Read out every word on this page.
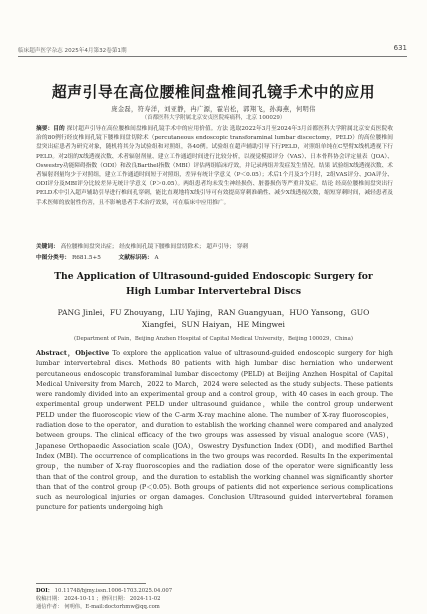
临床超声医学杂志 2025年4月第32卷第1期	631
超声引导在高位腰椎间盘椎间孔镜手术中的应用
庞金磊，符寿洋，刘亚静，冉广源，霍岩松，郭翔飞，孙海燕，何明伟
（首都医科大学附属北京安贞医院疼痛科，北京 100029）
摘要：目的 探讨超声引导在高位腰椎间盘椎间孔镜手术中的应用价值。方法 选取2022年3月至2024年3月首都医科大学附属北京安贞医院收治的80例行经皮椎间孔镜下腰椎间盘切除术（percutaneous endoscopic transforaminal lumbar discectomy，PELD）的高位腰椎间盘突出症患者为研究对象，随机将其分为试验组和对照组，各40例。试验组在超声辅助引导下行PELD，对照组单纯在C型臂X线机透视下行PELD。对2组的X线透视次数、术者辐射剂量、建立工作通道时间进行比较分析，以视觉模拟评分（VAS）、日本骨科协会评定量表（JOA）、Oswestry功能障碍指数（ODI）和改良Barthel指数（MBI）评估两组临床疗效，并记录两组并发症发生情况。结果 试验组X线透视次数、术者辐射剂量均少于对照组，建立工作通道时间短于对照组，差异有统计学意义（P＜0.05）；术后1个月及3个月时，2组VAS评分、JOA评分、ODI评分及MBI评分比较差异无统计学意义（P＞0.05）。两组患者均未发生神经损伤、脏器损伤等严重并发症。结论 经高位腰椎间盘突出行PELD术中引入超声辅助引导进行椎间孔穿刺，能比直观地将X线引导可有效提高穿刺准确性、减少X线透视次数，缩短穿刺时间，减轻患者及手术医师的放射性伤害，且不影响患者手术治疗效果，可在临床中应用推广。
关键词： 高位腰椎间盘突出症； 经皮椎间孔镜下腰椎间盘切除术； 超声引导； 穿刺
中图分类号： R681.5+5	文献标识码： A
The Application of Ultrasound-guided Endoscopic Surgery for High Lumbar Intervertebral Discs
PANG Jinlei，FU Zhouyang，LIU Yajing，RAN Guangyuan，HUO Yansong，GUO Xiangfei，SUN Haiyan，HE Mingwei
(Department of Pain，Beijing Anzhen Hospital of Capital Medical University，Beijing 100029，China)
Abstract，Objective To explore the application value of ultrasound-guided endoscopic surgery for high lumbar intervertebral discs. Methods 80 patients with high lumbar disc herniation who underwent percutaneous endoscopic transforaminal lumbar discectomy (PELD) at Beijing Anzhen Hospital of Capital Medical University from March，2022 to March，2024 were selected as the study subjects. These patients were randomly divided into an experimental group and a control group，with 40 cases in each group. The experimental group underwent PELD under ultrasound guidance，while the control group underwent PELD under the fluoroscopic view of the C-arm X-ray machine alone. The number of X-ray fluoroscopies，radiation dose to the operator，and duration to establish the working channel were compared and analyzed between groups. The clinical efficacy of the two groups was assessed by visual analogue score (VAS)，Japanese Orthopaedic Association scale (JOA)，Oswestry Dysfunction Index (ODI)，and modified Barthel Index (MBI). The occurrence of complications in the two groups was recorded. Results In the experimental group，the number of X-ray fluoroscopies and the radiation dose of the operator were significantly less than that of the control group，and the duration to establish the working channel was significantly shorter than that of the control group (P＜0.05). Both groups of patients did not experience serious complications such as neurological injuries or organ damages. Conclusion Ultrasound guided intervertebral foramen puncture for patients undergoing high
DOI： 10.11748/bjmy.issn.1006-1703.2025.04.007
收稿日期： 2024-10-11 ；修回日期： 2024-11-02
通信作者： 何明伟，E-mail:doctorhmw@qq.com
